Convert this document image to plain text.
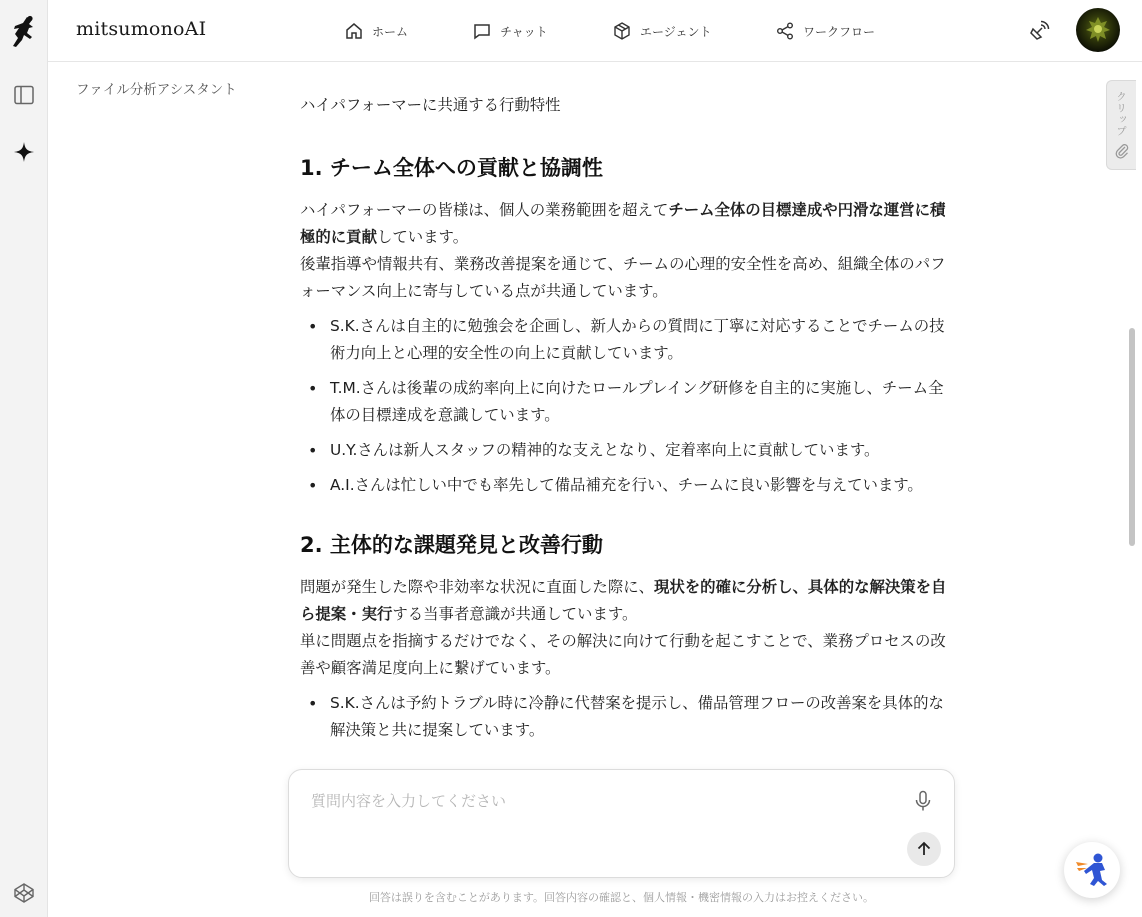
mitsumonoAI	ホーム	チャット	エージェント	ワークフロー
ファイル分析アシスタント
クリップ

ハイパフォーマーに共通する行動特性

1. チーム全体への貢献と協調性

ハイパフォーマーの皆様は、個人の業務範囲を超えてチーム全体の目標達成や円滑な運営に積極的に貢献しています。

後輩指導や情報共有、業務改善提案を通じて、チームの心理的安全性を高め、組織全体のパフォーマンス向上に寄与している点が共通しています。

• S.K.さんは自主的に勉強会を企画し、新人からの質問に丁寧に対応することでチームの技術力向上と心理的安全性の向上に貢献しています。
• T.M.さんは後輩の成約率向上に向けたロールプレイング研修を自主的に実施し、チーム全体の目標達成を意識しています。
• U.Y.さんは新人スタッフの精神的な支えとなり、定着率向上に貢献しています。
• A.I.さんは忙しい中でも率先して備品補充を行い、チームに良い影響を与えています。
2. 主体的な課題発見と改善行動

問題が発生した際や非効率な状況に直面した際に、現状を的確に分析し、具体的な解決策を自ら提案・実行する当事者意識が共通しています。

単に問題点を指摘するだけでなく、その解決に向けて行動を起こすことで、業務プロセスの改善や顧客満足度向上に繋げています。

• S.K.さんは予約トラブル時に冷静に代替案を提示し、備品管理フローの改善案を具体的な解決策と共に提案しています。
質問内容を入力してください
回答は誤りを含むことがあります。回答内容の確認と、個人情報・機密情報の入力はお控えください。
